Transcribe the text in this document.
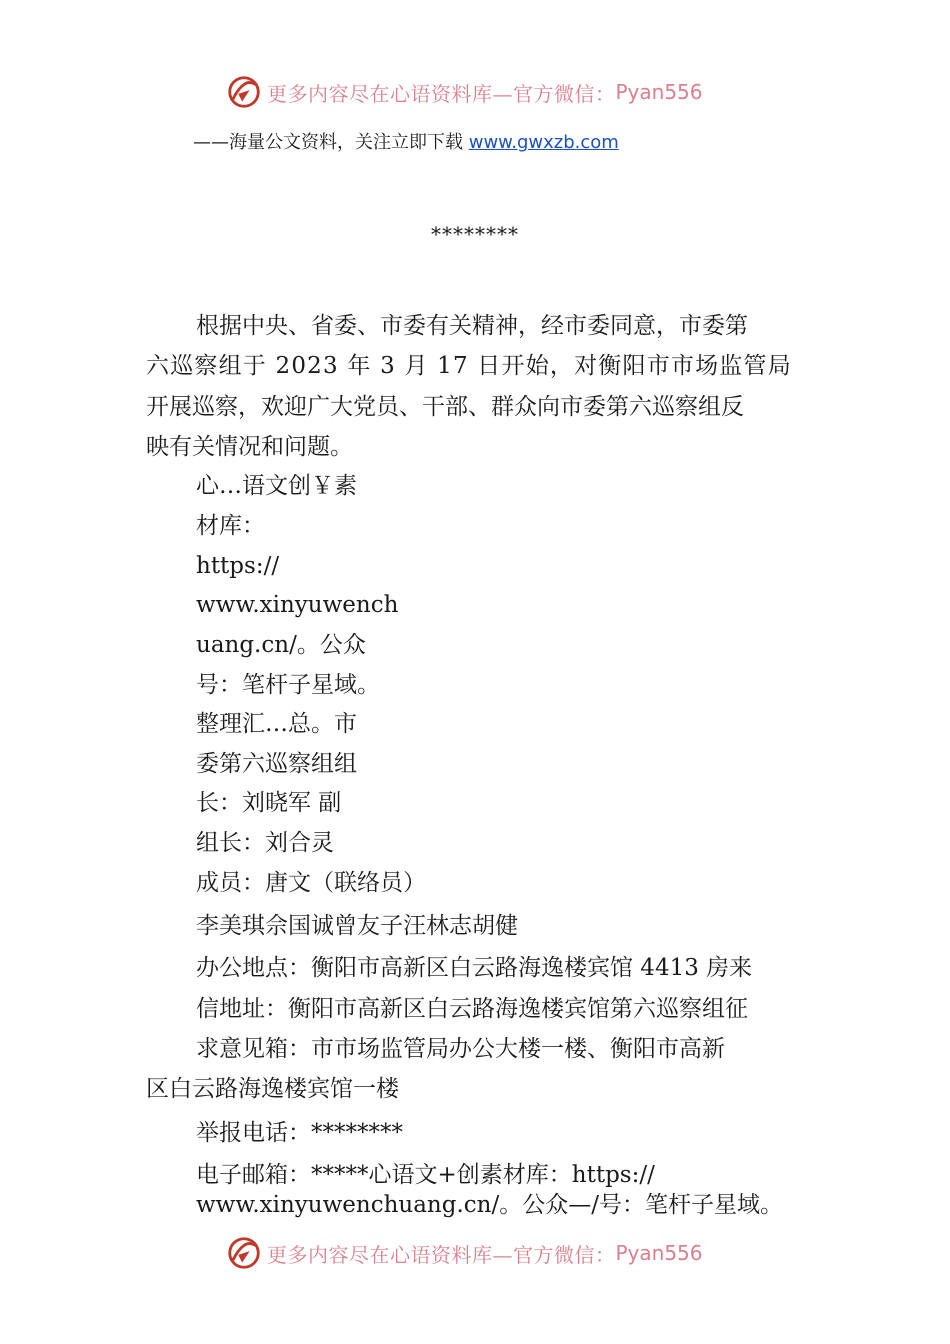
更多内容尽在心语资料库—官方微信： Pyan556
——海量公文资料，关注立即下载 www.gwxzb.com
********
根据中央、省委、市委有关精神，经市委同意，市委第
六巡察组于 2023 年 3 月 17 日开始，对衡阳市市场监管局
开展巡察，欢迎广大党员、干部、群众向市委第六巡察组反
映有关情况和问题。
心…语文创￥素
材库：
https://
www.xinyuwench
uang.cn/。公众
号：笔杆子星域。
整理汇…总。市
委第六巡察组组
长：刘晓军 副
组长：刘合灵
成员：唐文（联络员）
李美琪佘国诚曾友子汪林志胡健
办公地点：衡阳市高新区白云路海逸楼宾馆 4413 房来
信地址：衡阳市高新区白云路海逸楼宾馆第六巡察组征
求意见箱：市市场监管局办公大楼一楼、衡阳市高新
区白云路海逸楼宾馆一楼
举报电话：********
电子邮箱：*****心语文+创素材库：https://
www.xinyuwenchuang.cn/。公众—/号：笔杆子星域。
更多内容尽在心语资料库—官方微信： Pyan556
